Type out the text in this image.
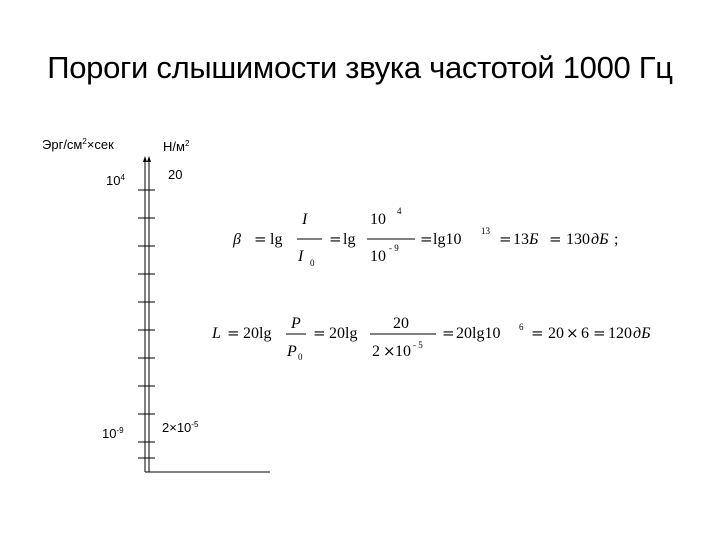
Пороги слышимости звука частотой 1000 Гц
Эрг/$см^2\times сек$	$Н/м^2$
$10^4$	20
$10^{-9}$	$2\times 10^{-5}$
β = lg
I
I 0
= lg
10 4
10 - 9 = lg10 13 = 13 Б = 130 дБ ;
L = 20lg
P
P 0
= 20lg
20
2 × 10 - 5
= 20lg10 6 = 20 × 6 = 120 дБ
